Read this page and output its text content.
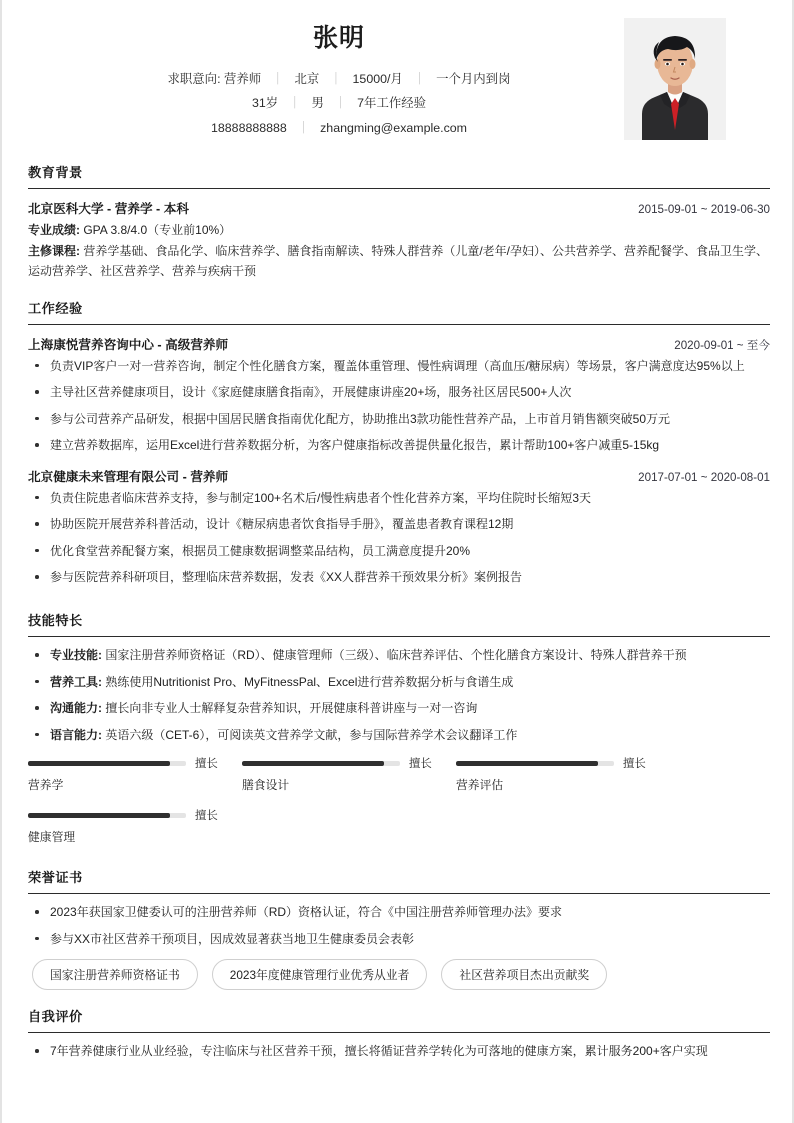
张明
求职意向: 营养师 ｜ 北京 ｜ 15000/月 ｜ 一个月内到岗
31岁 ｜ 男 ｜ 7年工作经验
18888888888 ｜ zhangming@example.com
教育背景
北京医科大学 - 营养学 - 本科	2015-09-01 ~ 2019-06-30
专业成绩: GPA 3.8/4.0（专业前10%）
主修课程: 营养学基础、食品化学、临床营养学、膳食指南解读、特殊人群营养（儿童/老年/孕妇）、公共营养学、营养配餐学、食品卫生学、运动营养学、社区营养学、营养与疾病干预
工作经验
上海康悦营养咨询中心 - 高级营养师	2020-09-01 ~ 至今
负责VIP客户一对一营养咨询，制定个性化膳食方案，覆盖体重管理、慢性病调理（高血压/糖尿病）等场景，客户满意度达95%以上
主导社区营养健康项目，设计《家庭健康膳食指南》，开展健康讲座20+场，服务社区居民500+人次
参与公司营养产品研发，根据中国居民膳食指南优化配方，协助推出3款功能性营养产品，上市首月销售额突破50万元
建立营养数据库，运用Excel进行营养数据分析，为客户健康指标改善提供量化报告，累计帮助100+客户减重5-15kg
北京健康未来管理有限公司 - 营养师	2017-07-01 ~ 2020-08-01
负责住院患者临床营养支持，参与制定100+名术后/慢性病患者个性化营养方案，平均住院时长缩短3天
协助医院开展营养科普活动，设计《糖尿病患者饮食指导手册》，覆盖患者教育课程12期
优化食堂营养配餐方案，根据员工健康数据调整菜品结构，员工满意度提升20%
参与医院营养科研项目，整理临床营养数据，发表《XX人群营养干预效果分析》案例报告
技能特长
专业技能: 国家注册营养师资格证（RD）、健康管理师（三级）、临床营养评估、个性化膳食方案设计、特殊人群营养干预
营养工具: 熟练使用Nutritionist Pro、MyFitnessPal、Excel进行营养数据分析与食谱生成
沟通能力: 擅长向非专业人士解释复杂营养知识，开展健康科普讲座与一对一咨询
语言能力: 英语六级（CET-6），可阅读英文营养学文献，参与国际营养学术会议翻译工作
擅长
营养学
擅长
膳食设计
擅长
营养评估
擅长
健康管理
荣誉证书
2023年获国家卫健委认可的注册营养师（RD）资格认证，符合《中国注册营养师管理办法》要求
参与XX市社区营养干预项目，因成效显著获当地卫生健康委员会表彰
国家注册营养师资格证书	2023年度健康管理行业优秀从业者	社区营养项目杰出贡献奖
自我评价
7年营养健康行业从业经验，专注临床与社区营养干预，擅长将循证营养学转化为可落地的健康方案，累计服务200+客户实现
